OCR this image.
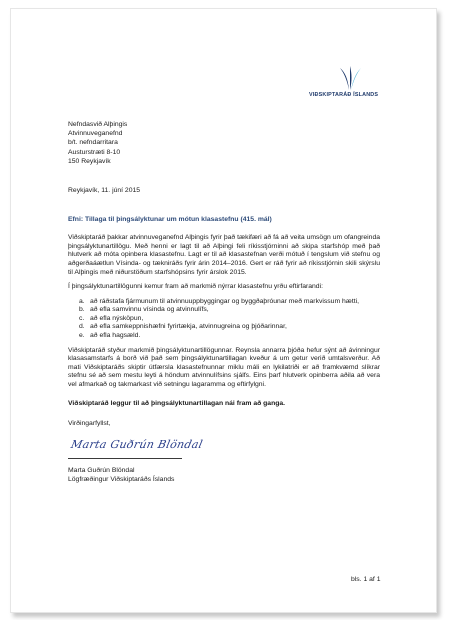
VIÐSKIPTARÁÐ ÍSLANDS
Nefndasvið Alþingis
Atvinnuveganefnd
b/t. nefndarritara
Austurstræti 8-10
150 Reykjavík
Reykjavík, 11. júní 2015
Efni: Tillaga til þingsályktunar um mótun klasastefnu (415. mál)

Viðskiptaráð þakkar atvinnuveganefnd Alþingis fyrir það tækifæri að fá að veita umsögn um ofangreinda þingsályktunartillögu. Með henni er lagt til að Alþingi feli ríkisstjórninni að skipa starfshóp með það hlutverk að móta opinbera klasastefnu. Lagt er til að klasastefnan verði mótuð í tengslum við stefnu og aðgerðaáætlun Vísinda- og tækniráðs fyrir árin 2014–2016. Gert er ráð fyrir að ríkisstjórnin skili skýrslu til Alþingis með niðurstöðum starfshópsins fyrir árslok 2015.

Í þingsályktunartillögunni kemur fram að markmið nýrrar klasastefnu yrðu eftirfarandi:

a. að ráðstafa fjármunum til atvinnuuppbyggingar og byggðaþróunar með markvissum hætti,
b. að efla samvinnu vísinda og atvinnulífs,
c. að efla nýsköpun,
d. að efla samkeppnishæfni fyrirtækja, atvinnugreina og þjóðarinnar,
e. að efla hagsæld.

Viðskiptaráð styður markmið þingsályktunartillögunnar. Reynsla annarra þjóða hefur sýnt að ávinningur klasasamstarfs á borð við það sem þingsályktunartillagan kveður á um getur verið umtalsverður. Að mati Viðskiptaráðs skiptir útfærsla klasastefnunnar miklu máli en lykilatriði er að framkvæmd slíkrar stefnu sé að sem mestu leyti á höndum atvinnulífsins sjálfs. Eins þarf hlutverk opinberra aðila að vera vel afmarkað og takmarkast við setningu lagaramma og eftirfylgni.

Viðskiptaráð leggur til að þingsályktunartillagan nái fram að ganga.

Virðingarfyllst,
Marta Guðrún Blöndal
Marta Guðrún Blöndal
Lögfræðingur Viðskiptaráðs Íslands
bls. 1 af 1
